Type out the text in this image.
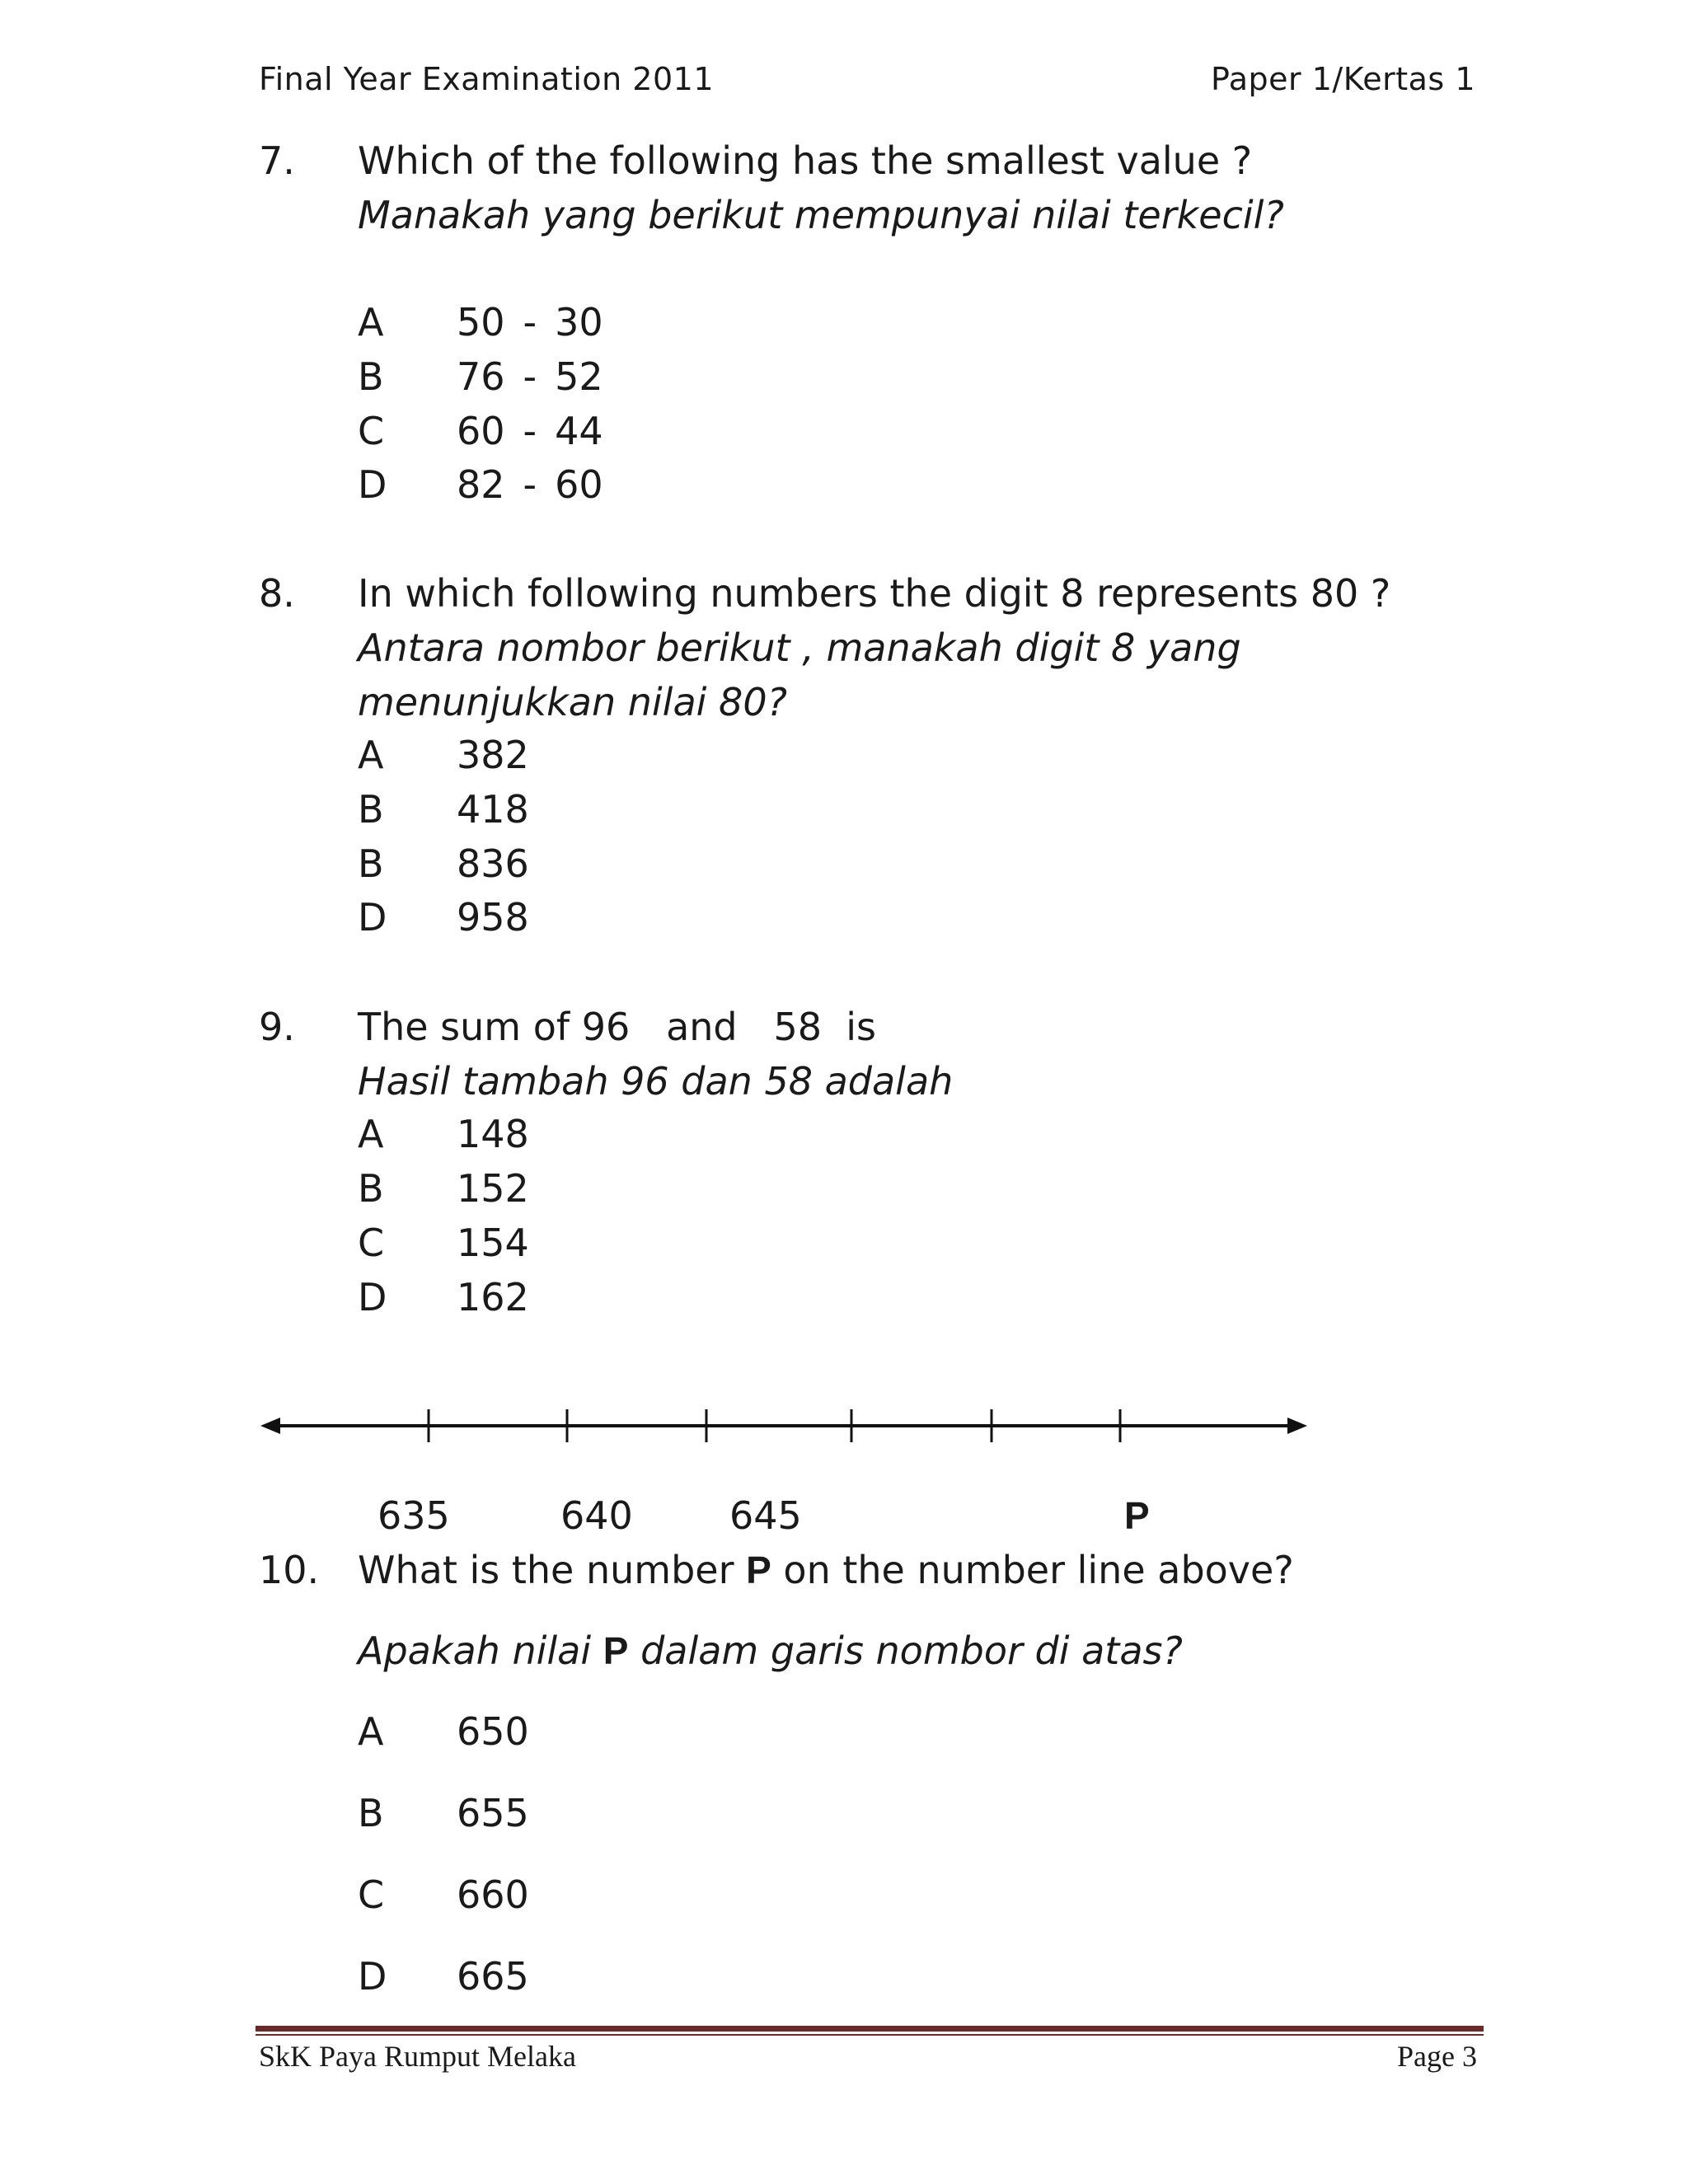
Final Year Examination 2011	Paper 1/Kertas 1
7. Which of the following has the smallest value ?
Manakah yang berikut mempunyai nilai terkecil?
A 50 - 30
B 76 - 52
C 60 - 44
D 82 - 60
8. In which following numbers the digit 8 represents 80 ?
Antara nombor berikut , manakah digit 8 yang
menunjukkan nilai 80?
A 382
B 418
B 836
D 958
9. The sum of 96   and   58  is
Hasil tambah 96 dan 58 adalah
A 148
B 152
C 154
D 162
635	640	645	P
10. What is the number P on the number line above?
Apakah nilai P dalam garis nombor di atas?
A 650
B 655
C 660
D 665
SkK Paya Rumput Melaka	Page 3
